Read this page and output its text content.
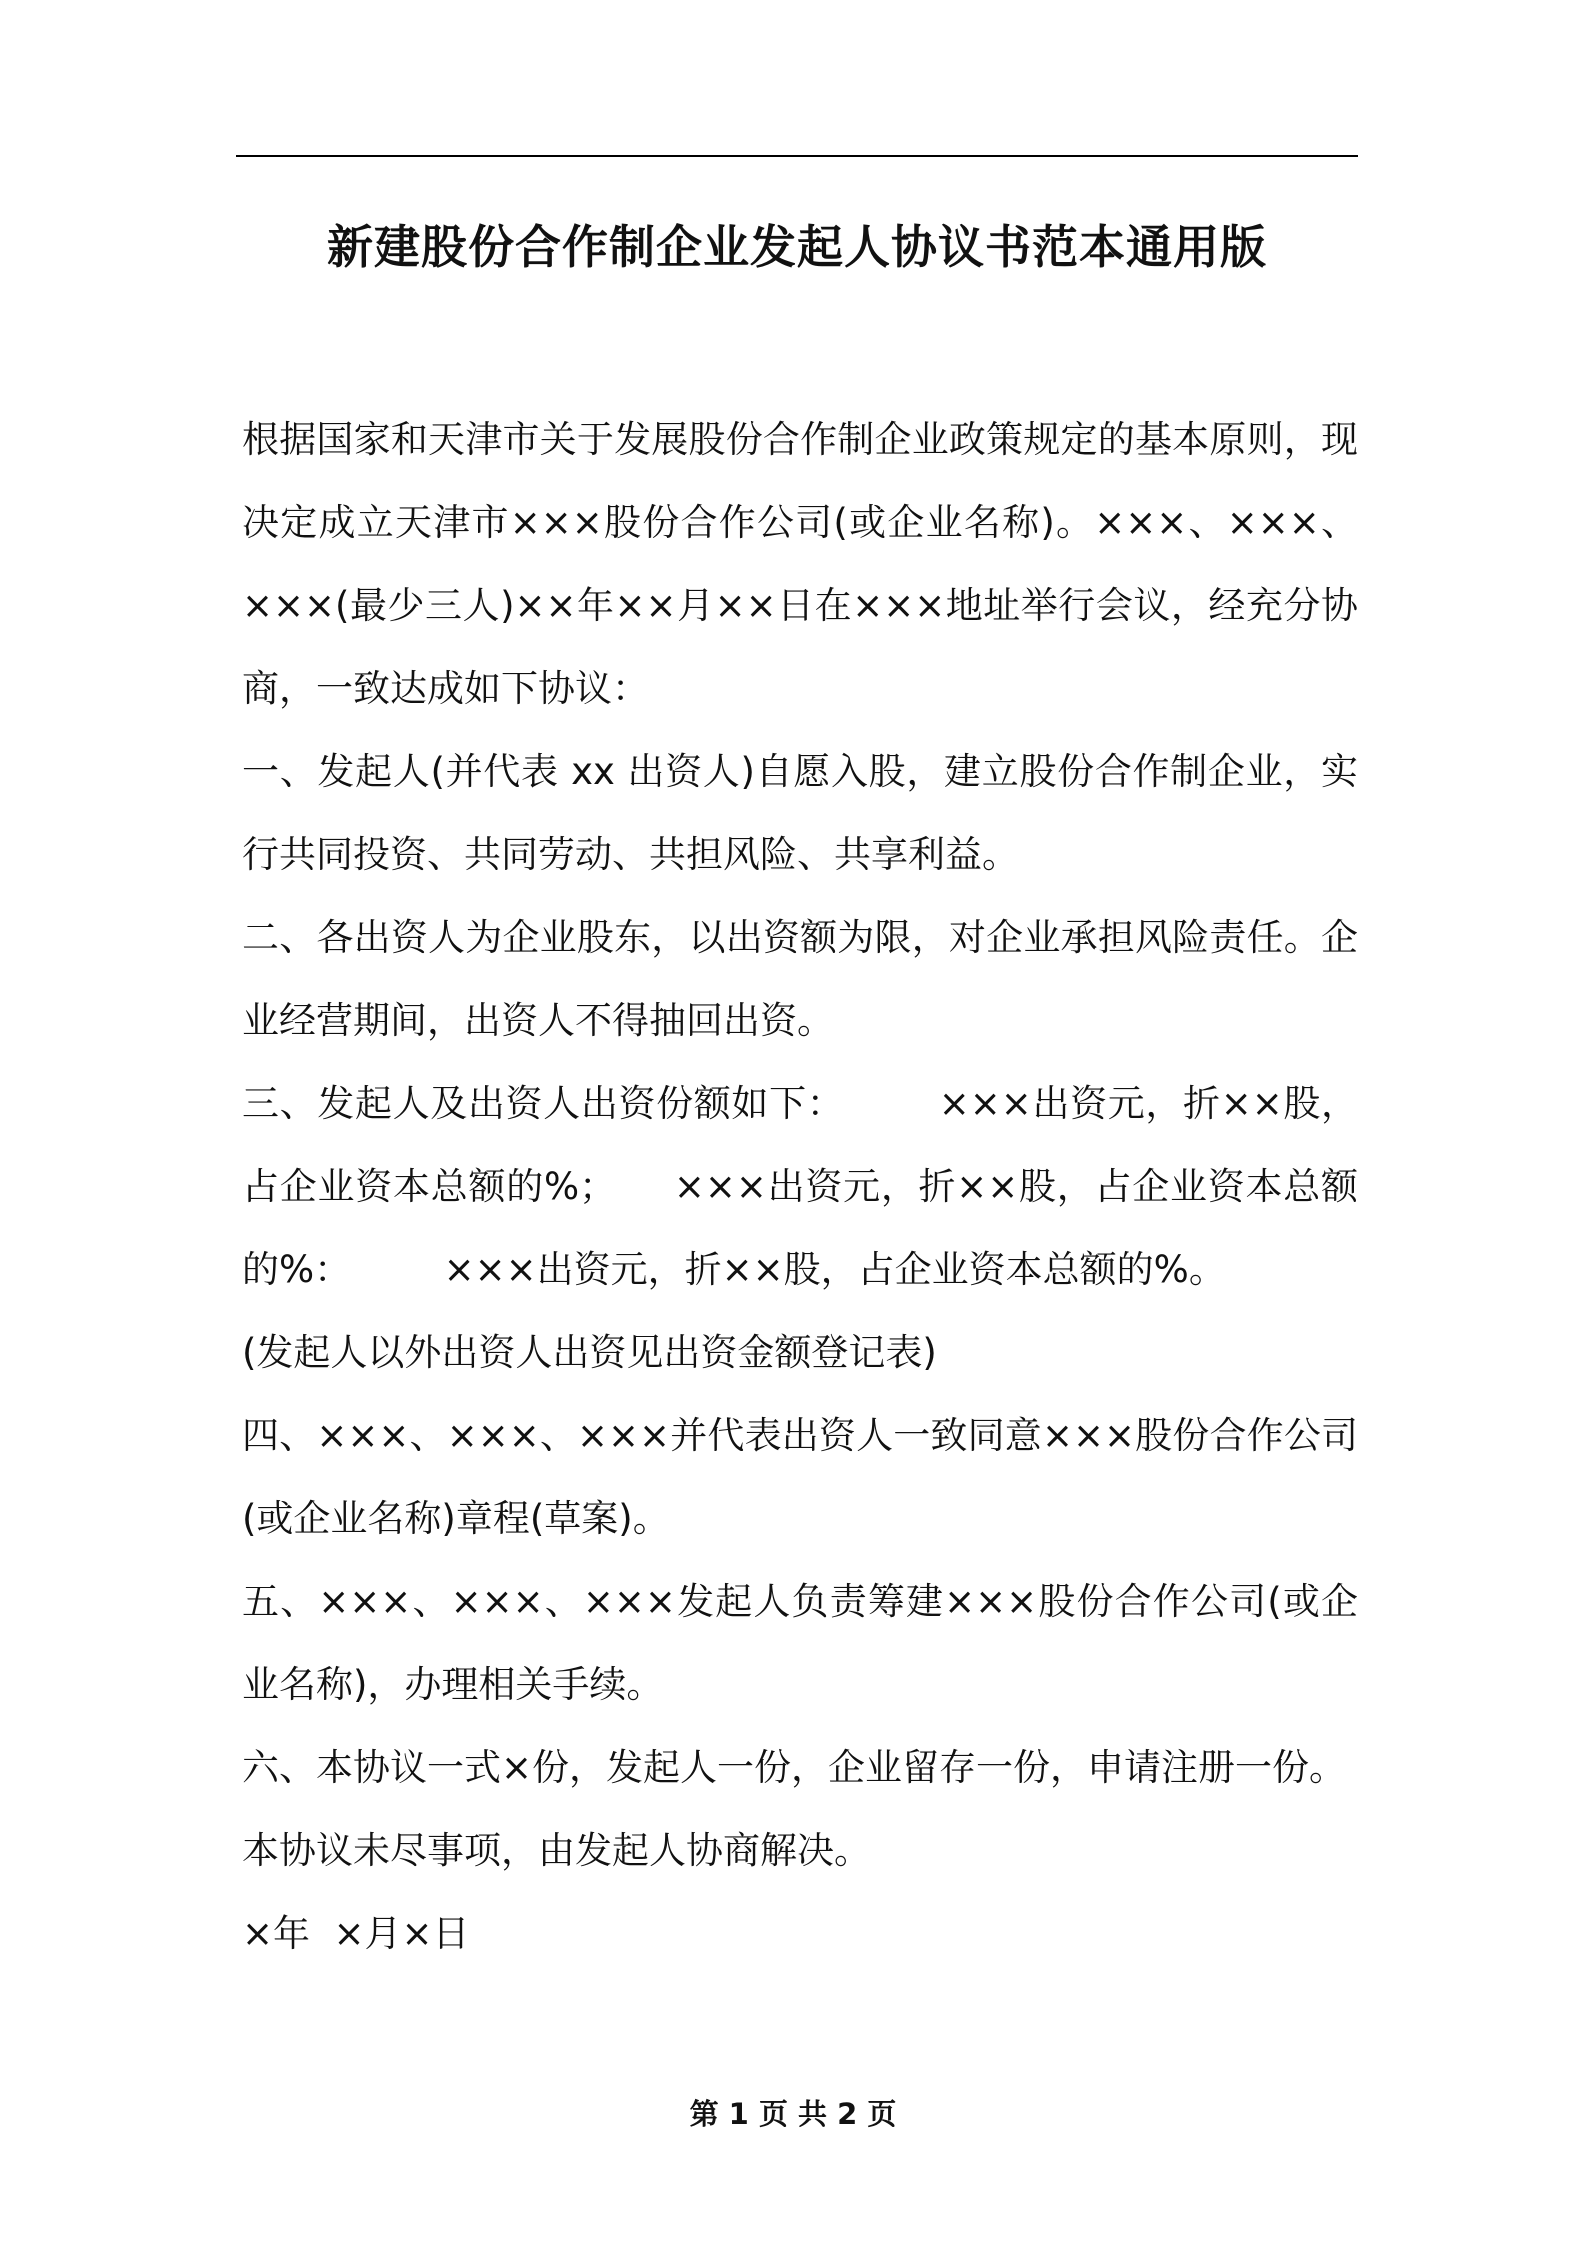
新建股份合作制企业发起人协议书范本通用版

根据国家和天津市关于发展股份合作制企业政策规定的基本原则，现决定成立天津市×××股份合作公司(或企业名称)。×××、×××、×××(最少三人)××年××月××日在×××地址举行会议，经充分协商，一致达成如下协议：

一、发起人(并代表 xx 出资人)自愿入股，建立股份合作制企业，实行共同投资、共同劳动、共担风险、共享利益。

二、各出资人为企业股东，以出资额为限，对企业承担风险责任。企业经营期间，出资人不得抽回出资。

三、发起人及出资人出资份额如下：　　　×××出资元，折××股，占企业资本总额的%；　　×××出资元，折××股，占企业资本总额的%：　　　×××出资元，折××股，占企业资本总额的%。

(发起人以外出资人出资见出资金额登记表)

四、×××、×××、×××并代表出资人一致同意×××股份合作公司(或企业名称)章程(草案)。

五、×××、×××、×××发起人负责筹建×××股份合作公司(或企业名称)，办理相关手续。

六、本协议一式×份，发起人一份，企业留存一份，申请注册一份。

本协议未尽事项，由发起人协商解决。

×年  ×月×日

第 1 页 共 2 页
